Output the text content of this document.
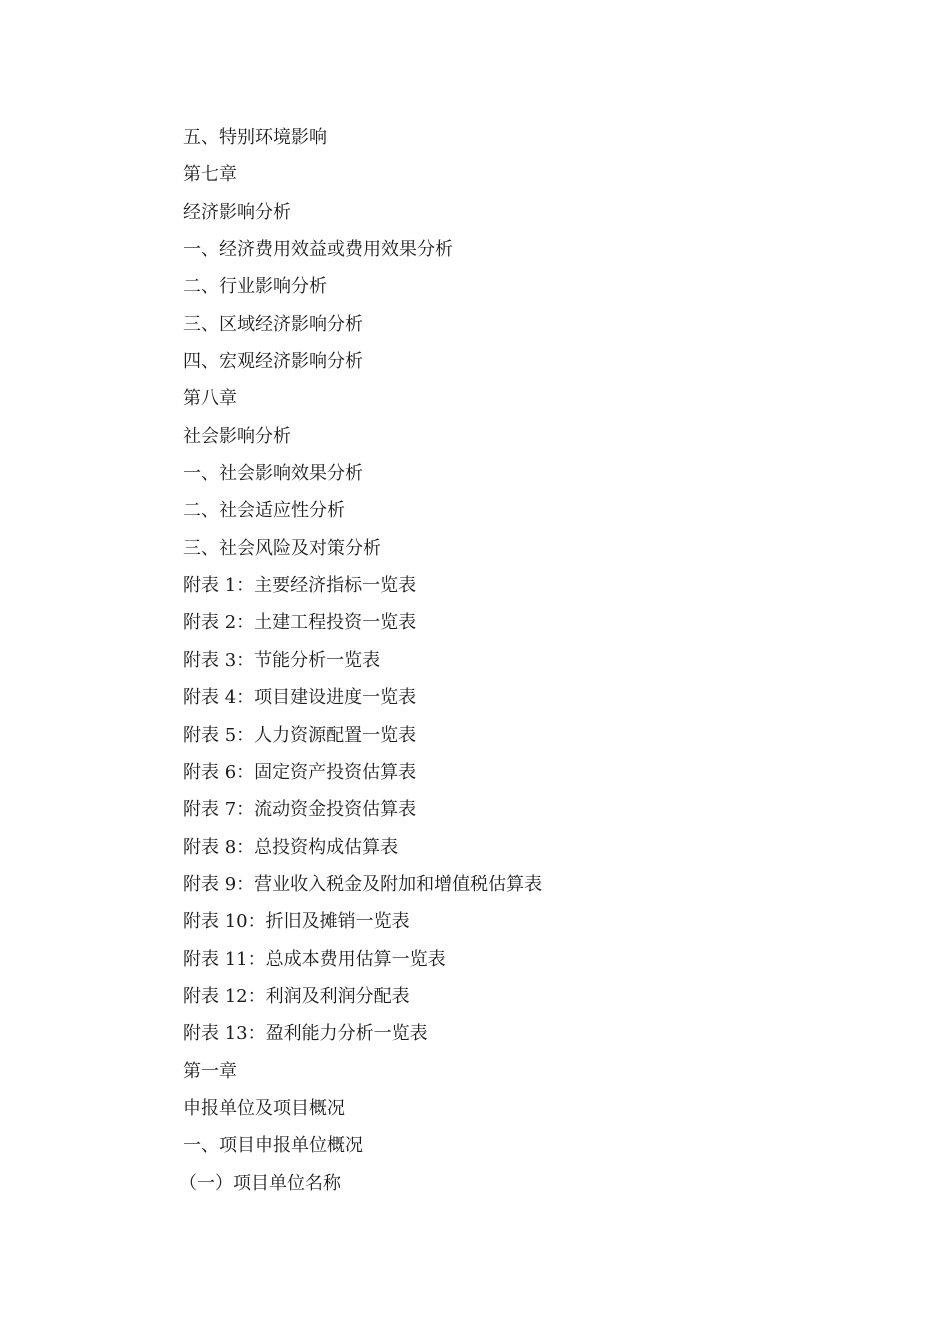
五、特别环境影响
第七章
经济影响分析
一、经济费用效益或费用效果分析
二、行业影响分析
三、区域经济影响分析
四、宏观经济影响分析
第八章
社会影响分析
一、社会影响效果分析
二、社会适应性分析
三、社会风险及对策分析
附表 1：主要经济指标一览表
附表 2：土建工程投资一览表
附表 3：节能分析一览表
附表 4：项目建设进度一览表
附表 5：人力资源配置一览表
附表 6：固定资产投资估算表
附表 7：流动资金投资估算表
附表 8：总投资构成估算表
附表 9：营业收入税金及附加和增值税估算表
附表 10：折旧及摊销一览表
附表 11：总成本费用估算一览表
附表 12：利润及利润分配表
附表 13：盈利能力分析一览表
第一章
申报单位及项目概况
一、项目申报单位概况
（一）项目单位名称
